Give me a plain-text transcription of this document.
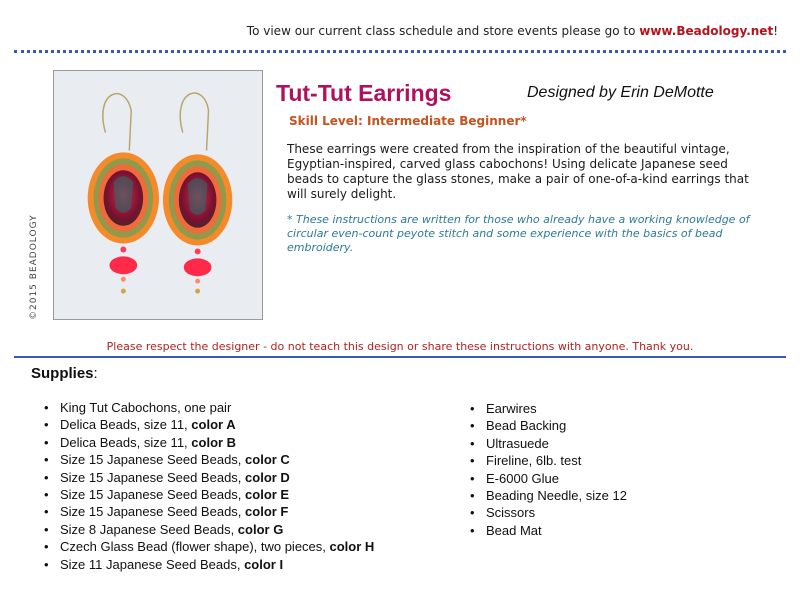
To view our current class schedule and store events please go to www.Beadology.net!
©2015 BEADOLOGY
Tut-Tut Earrings	Designed by Erin DeMotte
Skill Level: Intermediate Beginner*
These earrings were created from the inspiration of the beautiful vintage, Egyptian-inspired, carved glass cabochons! Using delicate Japanese seed beads to capture the glass stones, make a pair of one-of-a-kind earrings that will surely delight.
* These instructions are written for those who already have a working knowledge of circular even-count peyote stitch and some experience with the basics of bead embroidery.
Please respect the designer - do not teach this design or share these instructions with anyone. Thank you.
Supplies:
• King Tut Cabochons, one pair
• Delica Beads, size 11, color A
• Delica Beads, size 11, color B
• Size 15 Japanese Seed Beads, color C
• Size 15 Japanese Seed Beads, color D
• Size 15 Japanese Seed Beads, color E
• Size 15 Japanese Seed Beads, color F
• Size 8 Japanese Seed Beads, color G
• Czech Glass Bead (flower shape), two pieces, color H
• Size 11 Japanese Seed Beads, color I
• Earwires
• Bead Backing
• Ultrasuede
• Fireline, 6lb. test
• E-6000 Glue
• Beading Needle, size 12
• Scissors
• Bead Mat
